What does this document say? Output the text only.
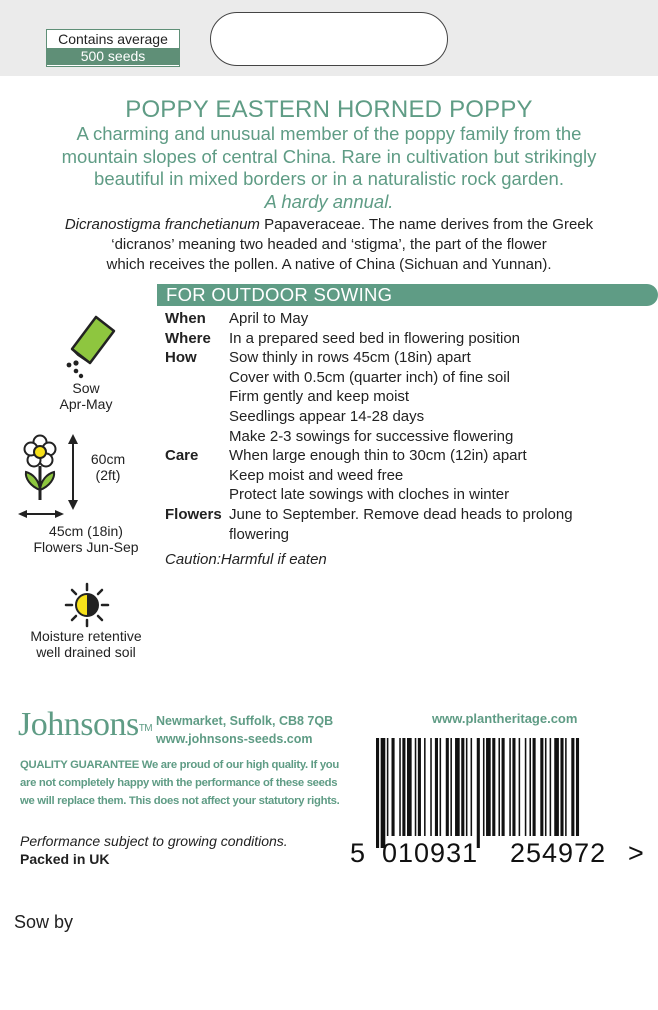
Contains average
500 seeds
POPPY EASTERN HORNED POPPY
A charming and unusual member of the poppy family from the
mountain slopes of central China. Rare in cultivation but strikingly
beautiful in mixed borders or in a naturalistic rock garden.
A hardy annual.
Dicranostigma franchetianum Papaveraceae. The name derives from the Greek
‘dicranos’ meaning two headed and ‘stigma’, the part of the flower
which receives the pollen. A native of China (Sichuan and Yunnan).
FOR OUTDOOR SOWING
When April to May
Where In a prepared seed bed in flowering position
How Sow thinly in rows 45cm (18in) apart
Cover with 0.5cm (quarter inch) of fine soil
Firm gently and keep moist
Seedlings appear 14-28 days
Make 2-3 sowings for successive flowering
Care When large enough thin to 30cm (12in) apart
Keep moist and weed free
Protect late sowings with cloches in winter
Flowers June to September. Remove dead heads to prolong
flowering
Caution:Harmful if eaten
Sow
Apr-May
60cm
(2ft)
45cm (18in)
Flowers Jun-Sep
Moisture retentive
well drained soil
Johnsons™
Newmarket, Suffolk, CB8 7QB
www.johnsons-seeds.com
QUALITY GUARANTEE We are proud of our high quality. If you
are not completely happy with the performance of these seeds
we will replace them. This does not affect your statutory rights.
www.plantheritage.com
Performance subject to growing conditions.
Packed in UK	5 010931 254972 >
Sow by
